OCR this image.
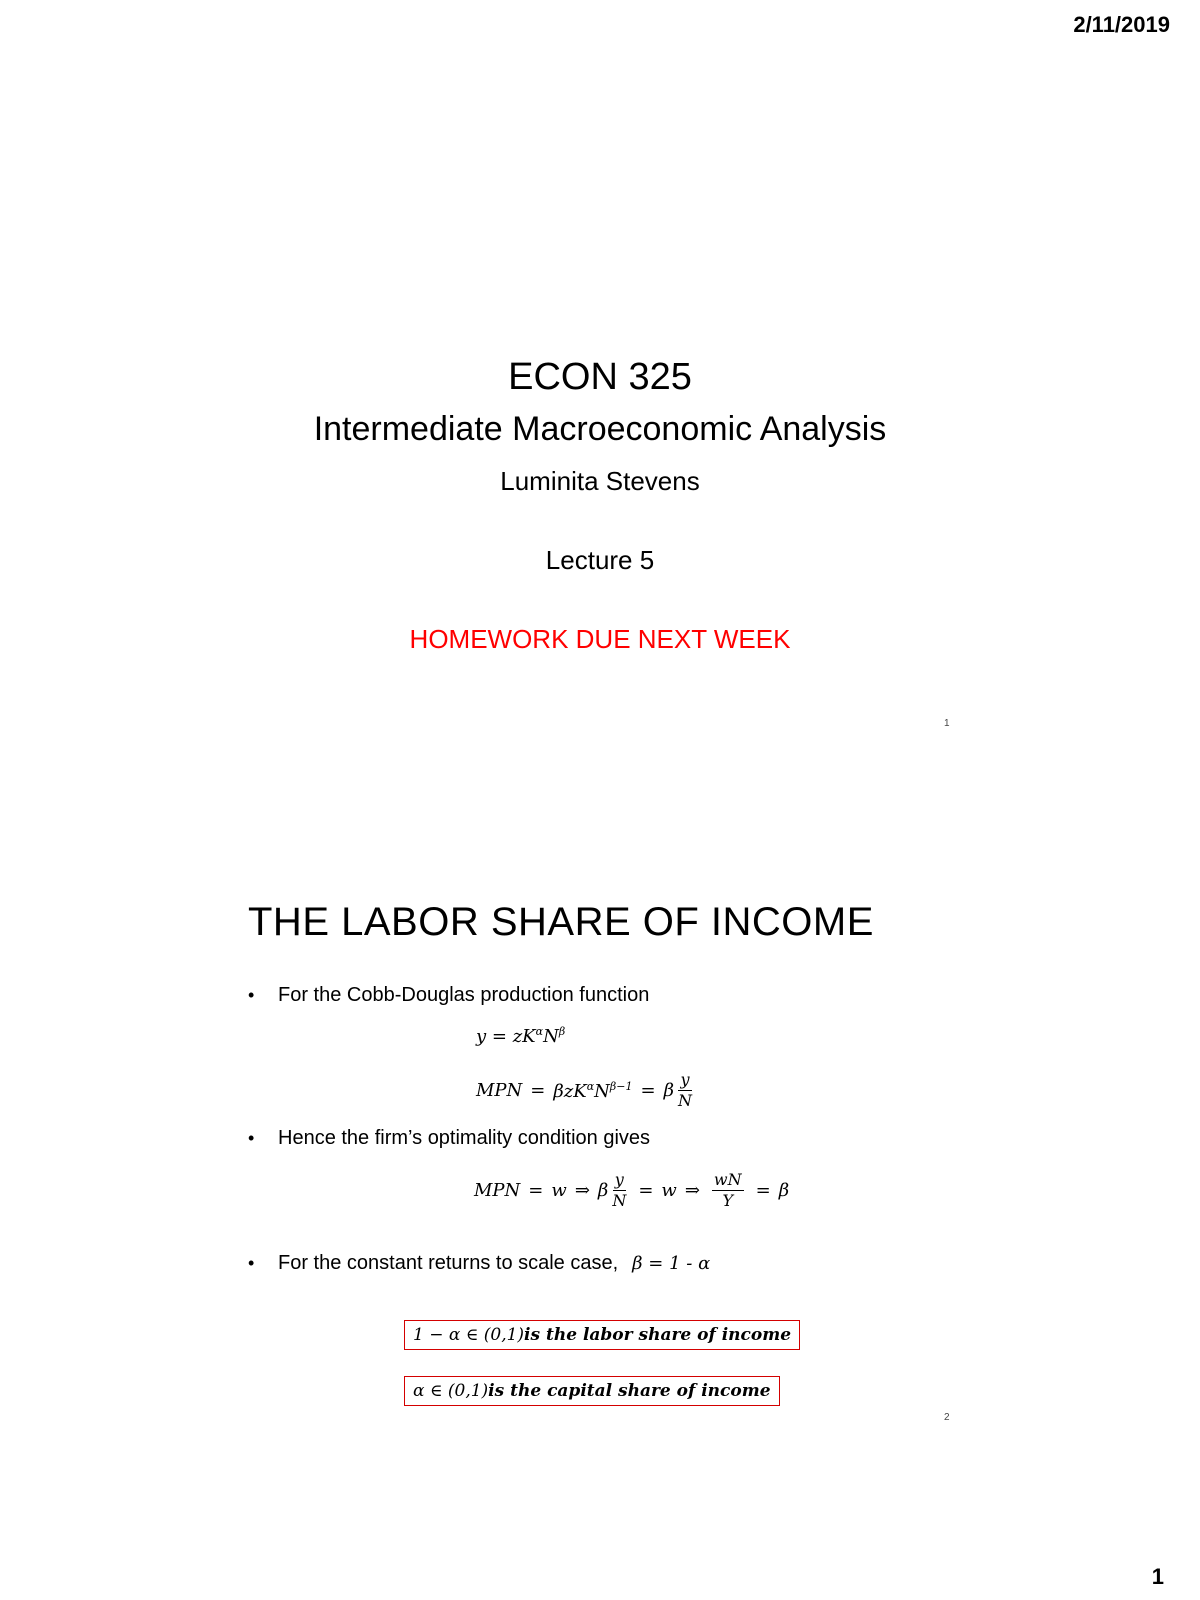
2/11/2019
ECON 325
Intermediate Macroeconomic Analysis
Luminita Stevens
Lecture 5
HOMEWORK DUE NEXT WEEK
1
THE LABOR SHARE OF INCOME
•	For the Cobb-Douglas production function
$y = zK^\alpha N^\beta$
MPN = $\beta zK^\alpha N^{\beta-1} = \beta \frac{y}{N}$
•	Hence the firm’s optimality condition gives
MPN = w ⇒ β $\frac{y}{N} = w$ ⇒ $\frac{wN}{Y} = \beta$
•	For the constant returns to scale case, β = 1 - α
1 − α ∈ (0,1)is the labor share of income
α ∈ (0,1)is the capital share of income
2
1
